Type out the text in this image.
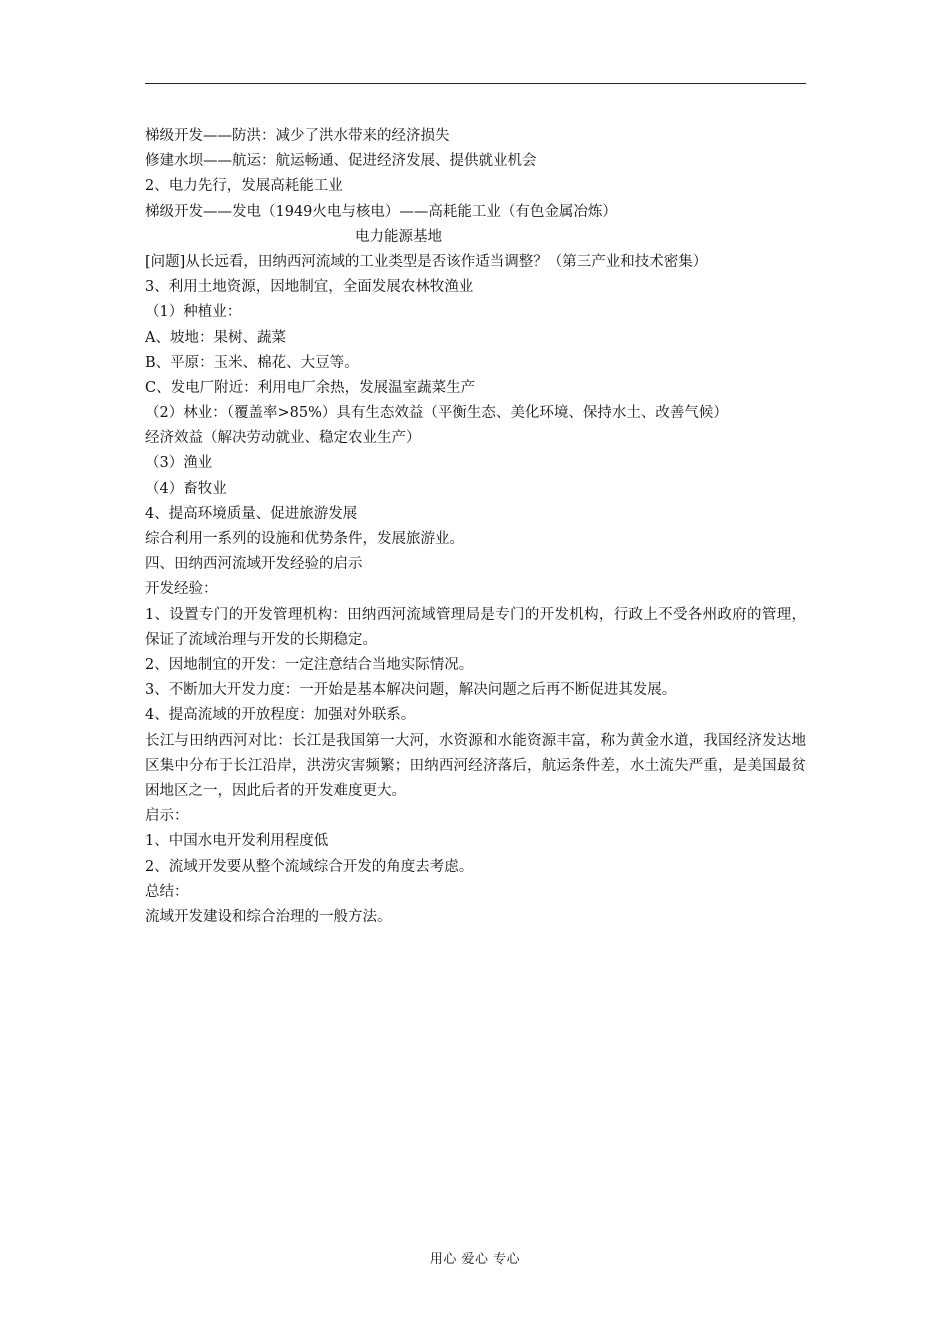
梯级开发——防洪：减少了洪水带来的经济损失
修建水坝——航运：航运畅通、促进经济发展、提供就业机会
2、电力先行，发展高耗能工业
梯级开发——发电（1949火电与核电）——高耗能工业（有色金属冶炼）
电力能源基地
[问题]从长远看，田纳西河流域的工业类型是否该作适当调整？（第三产业和技术密集）
3、利用土地资源，因地制宜，全面发展农林牧渔业
（1）种植业：
A、坡地：果树、蔬菜
B、平原：玉米、棉花、大豆等。
C、发电厂附近：利用电厂余热，发展温室蔬菜生产
（2）林业：（覆盖率>85%）具有生态效益（平衡生态、美化环境、保持水土、改善气候）
经济效益（解决劳动就业、稳定农业生产）
（3）渔业
（4）畜牧业
4、提高环境质量、促进旅游发展
综合利用一系列的设施和优势条件，发展旅游业。
四、田纳西河流域开发经验的启示
开发经验：
1、设置专门的开发管理机构：田纳西河流域管理局是专门的开发机构，行政上不受各州政府的管理，保证了流域治理与开发的长期稳定。
2、因地制宜的开发：一定注意结合当地实际情况。
3、不断加大开发力度：一开始是基本解决问题，解决问题之后再不断促进其发展。
4、提高流域的开放程度：加强对外联系。
长江与田纳西河对比：长江是我国第一大河，水资源和水能资源丰富，称为黄金水道，我国经济发达地区集中分布于长江沿岸，洪涝灾害频繁；田纳西河经济落后，航运条件差，水土流失严重，是美国最贫困地区之一，因此后者的开发难度更大。
启示：
1、中国水电开发利用程度低
2、流域开发要从整个流域综合开发的角度去考虑。
总结：
流域开发建设和综合治理的一般方法。
用心 爱心 专心
